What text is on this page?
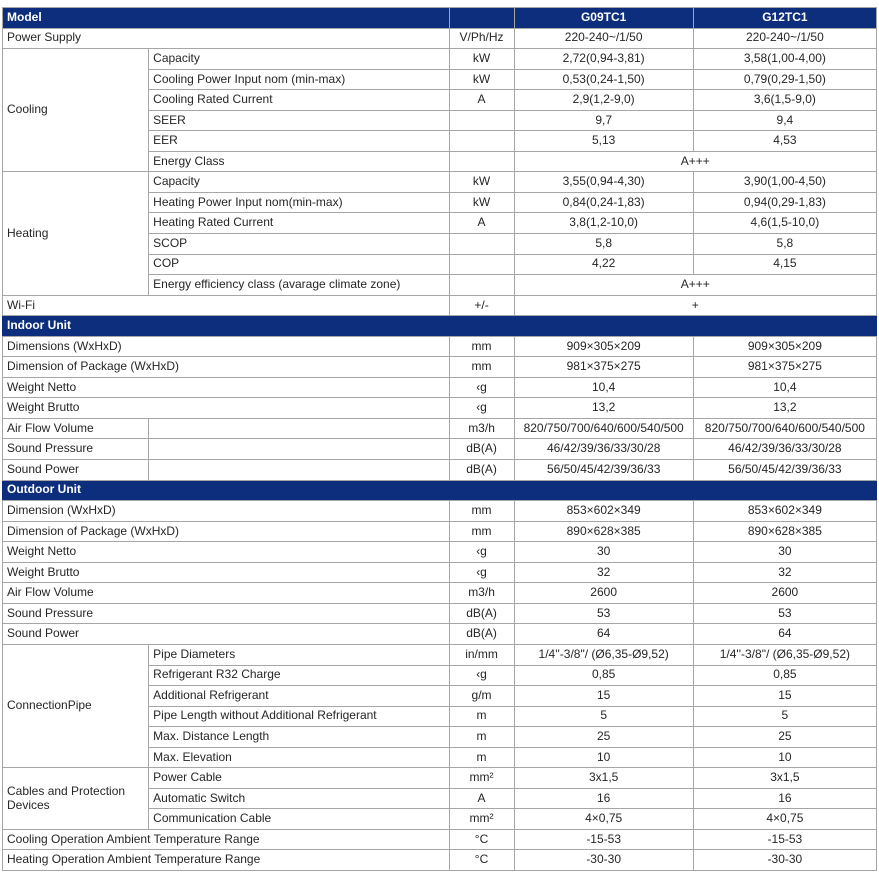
Model			G09TC1	G12TC1
Power Supply		V/Ph/Hz	220-240~/1/50	220-240~/1/50
Cooling	Capacity	kW	2,72(0,94-3,81)	3,58(1,00-4,00)
	Cooling Power Input nom (min-max)	kW	0,53(0,24-1,50)	0,79(0,29-1,50)
	Cooling Rated Current	A	2,9(1,2-9,0)	3,6(1,5-9,0)
	SEER		9,7	9,4
	EER		5,13	4,53
	Energy Class		A+++	
Heating	Capacity	kW	3,55(0,94-4,30)	3,90(1,00-4,50)
	Heating Power Input nom(min-max)	kW	0,84(0,24-1,83)	0,94(0,29-1,83)
	Heating Rated Current	A	3,8(1,2-10,0)	4,6(1,5-10,0)
	SCOP		5,8	5,8
	COP		4,22	4,15
	Energy efficiency class (avarage climate zone)		A+++	
Wi-Fi		+/-	+	
Indoor Unit				
Dimensions (WxHxD)		mm	909×305×209	909×305×209
Dimension of Package (WxHxD)		mm	981×375×275	981×375×275
Weight Netto		‹g	10,4	10,4
Weight Brutto		‹g	13,2	13,2
Air Flow Volume		m3/h	820/750/700/640/600/540/500	820/750/700/640/600/540/500
Sound Pressure		dB(A)	46/42/39/36/33/30/28	46/42/39/36/33/30/28
Sound Power		dB(A)	56/50/45/42/39/36/33	56/50/45/42/39/36/33
Outdoor Unit				
Dimension (WxHxD)		mm	853×602×349	853×602×349
Dimension of Package (WxHxD)		mm	890×628×385	890×628×385
Weight Netto		‹g	30	30
Weight Brutto		‹g	32	32
Air Flow Volume		m3/h	2600	2600
Sound Pressure		dB(A)	53	53
Sound Power		dB(A)	64	64
ConnectionPipe	Pipe Diameters	in/mm	1/4''-3/8"/ (Ø6,35-Ø9,52)	1/4''-3/8"/ (Ø6,35-Ø9,52)
	Refrigerant R32 Charge	‹g	0,85	0,85
	Additional Refrigerant	g/m	15	15
	Pipe Length without Additional Refrigerant	m	5	5
	Max. Distance Length	m	25	25
	Max. Elevation	m	10	10
Cables and Protection Devices	Power Cable	mm²	3x1,5	3x1,5
	Automatic Switch	A	16	16
	Communication Cable	mm²	4×0,75	4×0,75
Cooling Operation Ambient Temperature Range		°C	-15-53	-15-53
Heating Operation Ambient Temperature Range		°C	-30-30	-30-30
